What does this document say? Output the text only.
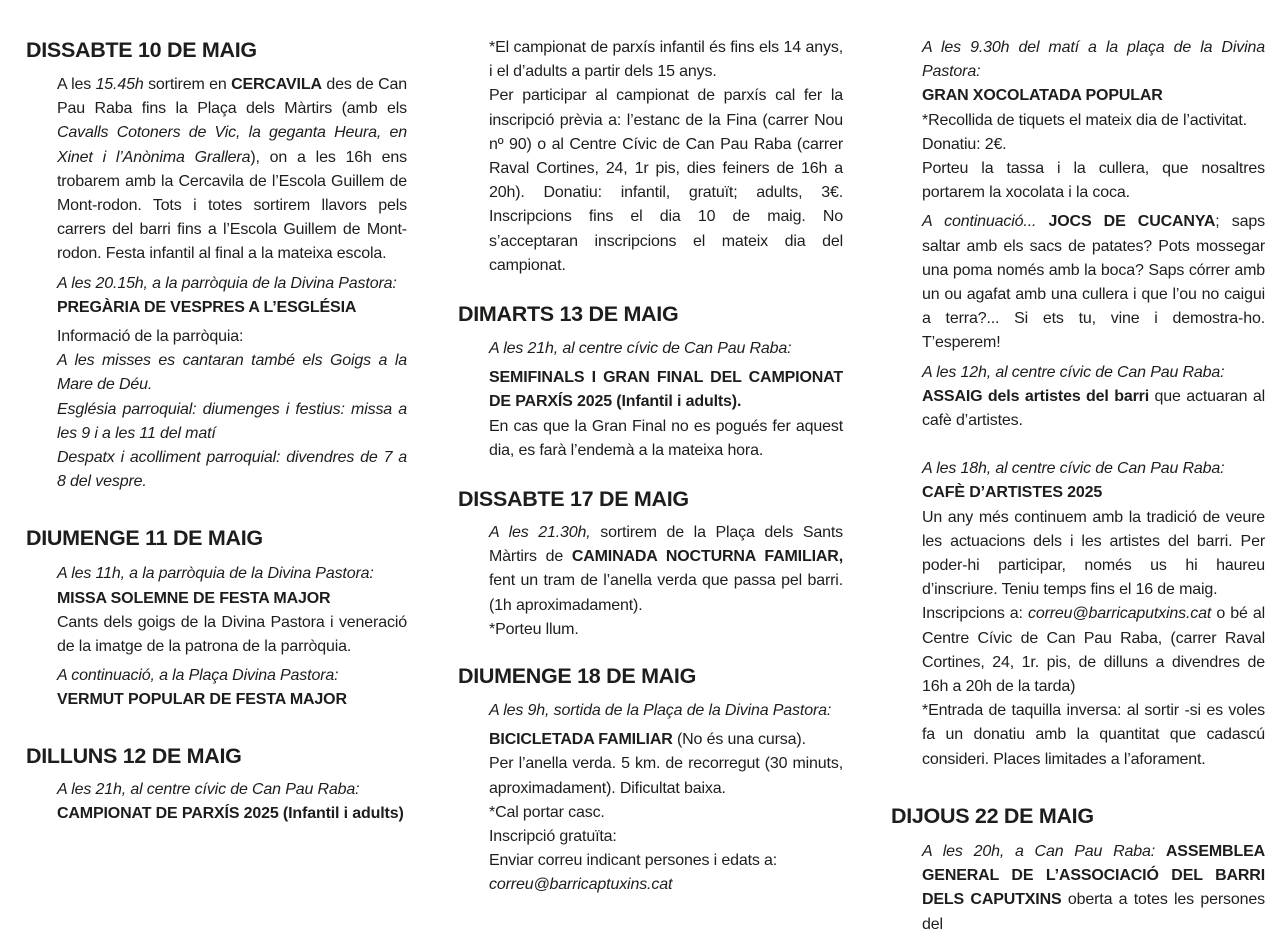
DISSABTE 10 DE MAIG

A les 15.45h sortirem en CERCAVILA des de Can Pau Raba fins la Plaça dels Màrtirs (amb els Cavalls Cotoners de Vic, la geganta Heura, en Xinet i l’Anònima Grallera), on a les 16h ens trobarem amb la Cercavila de l’Escola Guillem de Mont-rodon. Tots i totes sortirem llavors pels carrers del barri fins a l’Escola Guillem de Mont-rodon. Festa infantil al final a la mateixa escola.

A les 20.15h, a la parròquia de la Divina Pastora:

PREGÀRIA DE VESPRES A L’ESGLÉSIA

Informació de la parròquia:

A les misses es cantaran també els Goigs a la Mare de Déu.

Església parroquial: diumenges i festius: missa a les 9 i a les 11 del matí

Despatx i acolliment parroquial: divendres de 7 a 8 del vespre.

DIUMENGE 11 DE MAIG

A les 11h, a la parròquia de la Divina Pastora:

MISSA SOLEMNE DE FESTA MAJOR

Cants dels goigs de la Divina Pastora i veneració de la imatge de la patrona de la parròquia.

A continuació, a la Plaça Divina Pastora:

VERMUT POPULAR DE FESTA MAJOR

DILLUNS 12 DE MAIG

A les 21h, al centre cívic de Can Pau Raba:

CAMPIONAT DE PARXÍS 2025 (Infantil i adults)

*El campionat de parxís infantil és fins els 14 anys, i el d’adults a partir dels 15 anys.

Per participar al campionat de parxís cal fer la inscripció prèvia a: l’estanc de la Fina (carrer Nou nº 90) o al Centre Cívic de Can Pau Raba (carrer Raval Cortines, 24, 1r pis, dies feiners de 16h a 20h). Donatiu: infantil, gratuït; adults, 3€. Inscripcions fins el dia 10 de maig. No s’acceptaran inscripcions el mateix dia del campionat.

DIMARTS 13 DE MAIG

A les 21h, al centre cívic de Can Pau Raba:

SEMIFINALS I GRAN FINAL DEL CAMPIONAT DE PARXÍS 2025 (Infantil i adults).

En cas que la Gran Final no es pogués fer aquest dia, es farà l’endemà a la mateixa hora.

DISSABTE 17 DE MAIG

A les 21.30h, sortirem de la Plaça dels Sants Màrtirs de CAMINADA NOCTURNA FAMILIAR, fent un tram de l’anella verda que passa pel barri. (1h aproximadament).

*Porteu llum.

DIUMENGE 18 DE MAIG

A les 9h, sortida de la Plaça de la Divina Pastora:

BICICLETADA FAMILIAR (No és una cursa).

Per l’anella verda. 5 km. de recorregut (30 minuts, aproximadament). Dificultat baixa.

*Cal portar casc.

Inscripció gratuïta:

Enviar correu indicant persones i edats a:

correu@barricaptuxins.cat

A les 9.30h del matí a la plaça de la Divina Pastora:

GRAN XOCOLATADA POPULAR

*Recollida de tiquets el mateix dia de l’activitat.

Donatiu: 2€.

Porteu la tassa i la cullera, que nosaltres portarem la xocolata i la coca.

A continuació... JOCS DE CUCANYA; saps saltar amb els sacs de patates? Pots mossegar una poma només amb la boca? Saps córrer amb un ou agafat amb una cullera i que l’ou no caigui a terra?... Si ets tu, vine i demostra-ho. T’esperem!

A les 12h, al centre cívic de Can Pau Raba:

ASSAIG dels artistes del barri que actuaran al cafè d’artistes.

A les 18h, al centre cívic de Can Pau Raba:

CAFÈ D’ARTISTES 2025

Un any més continuem amb la tradició de veure les actuacions dels i les artistes del barri. Per poder-hi participar, només us hi haureu d’inscriure. Teniu temps fins el 16 de maig.

Inscripcions a: correu@barricaputxins.cat o bé al Centre Cívic de Can Pau Raba, (carrer Raval Cortines, 24, 1r. pis, de dilluns a divendres de 16h a 20h de la tarda)

*Entrada de taquilla inversa: al sortir -si es voles fa un donatiu amb la quantitat que cadascú consideri. Places limitades a l’aforament.

DIJOUS 22 DE MAIG

A les 20h, a Can Pau Raba: ASSEMBLEA GENERAL DE L’ASSOCIACIÓ DEL BARRI DELS CAPUTXINS oberta a totes les persones del
